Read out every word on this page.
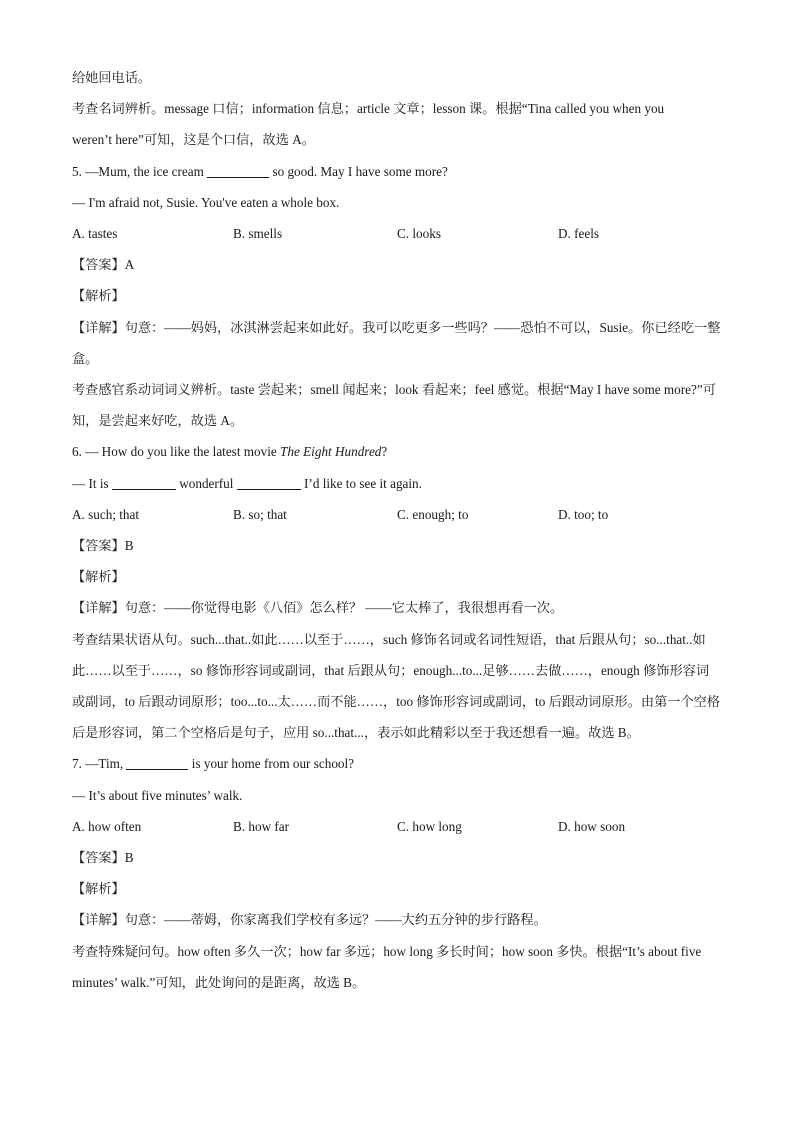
给她回电话。
考查名词辨析。message 口信；information 信息；article 文章；lesson 课。根据“Tina called you when you
weren’t here”可知，这是个口信，故选 A。
5. —Mum, the ice cream	so good. May I have some more?
— I'm afraid not, Susie. You've eaten a whole box.
A. tastes	B. smells	C. looks	D. feels
【答案】A
【解析】
【详解】句意：——妈妈，冰淇淋尝起来如此好。我可以吃更多一些吗？——恐怕不可以，Susie。你已经吃一整盒。
考查感官系动词词义辨析。taste 尝起来；smell 闻起来；look 看起来；feel 感觉。根据“May I have some more?”可知，是尝起来好吃，故选 A。
6. — How do you like the latest movie The Eight Hundred?
— It is	wonderful	I’d like to see it again.
A. such; that	B. so; that	C. enough; to	D. too; to
【答案】B
【解析】
【详解】句意：——你觉得电影《八佰》怎么样？ ——它太棒了，我很想再看一次。
考查结果状语从句。such...that..如此……以至于……，such 修饰名词或名词性短语，that 后跟从句；so...that..如此……以至于……，so 修饰形容词或副词，that 后跟从句；enough...to...足够……去做……，enough 修饰形容词或副词，to 后跟动词原形；too...to...太……而不能……，too 修饰形容词或副词，to 后跟动词原形。由第一个空格后是形容词，第二个空格后是句子，应用 so...that...，表示如此精彩以至于我还想看一遍。故选 B。
7. —Tim,	is your home from our school?
— It’s about five minutes’ walk.
A. how often	B. how far	C. how long	D. how soon
【答案】B
【解析】
【详解】句意：——蒂姆，你家离我们学校有多远？——大约五分钟的步行路程。
考查特殊疑问句。how often 多久一次；how far 多远；how long 多长时间；how soon 多快。根据“It’s about five minutes’ walk.”可知，此处询问的是距离，故选 B。
